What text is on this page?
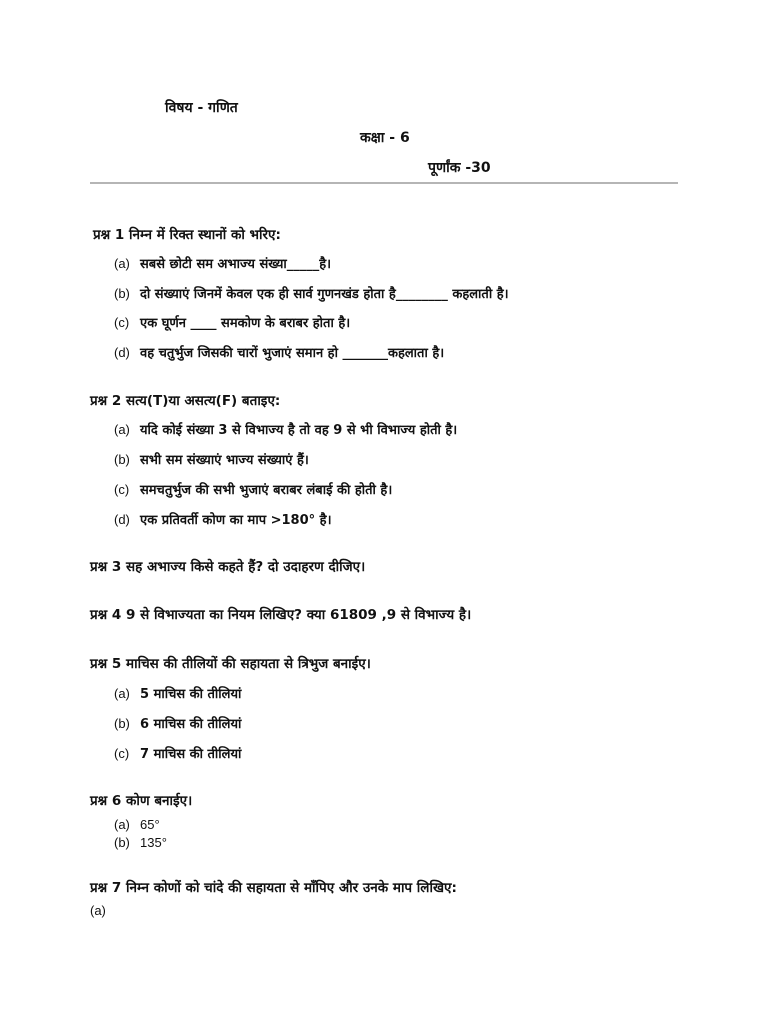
विषय - गणित
कक्षा - 6
पूर्णांक -30
प्रश्न 1 निम्न में रिक्त स्थानों को भरिए:
(a) सबसे छोटी सम अभाज्य संख्या_____है।
(b) दो संख्याएं जिनमें केवल एक ही सार्व गुणनखंड होता है________ कहलाती है।
(c) एक घूर्णन ____ समकोण के बराबर होता है।
(d) वह चतुर्भुज जिसकी चारों भुजाएं समान हो _______कहलाता है।
प्रश्न 2 सत्य(T)या असत्य(F) बताइए:
(a) यदि कोई संख्या 3 से विभाज्य है तो वह 9 से भी विभाज्य होती है।
(b) सभी सम संख्याएं भाज्य संख्याएं हैं।
(c) समचतुर्भुज की सभी भुजाएं बराबर लंबाई की होती है।
(d) एक प्रतिवर्ती कोण का माप >180° है।
प्रश्न 3 सह अभाज्य किसे कहते हैं? दो उदाहरण दीजिए।
प्रश्न 4 9 से विभाज्यता का नियम लिखिए? क्या 61809 ,9 से विभाज्य है।
प्रश्न 5 माचिस की तीलियों की सहायता से त्रिभुज बनाईए।
(a) 5 माचिस की तीलियां
(b) 6 माचिस की तीलियां
(c) 7 माचिस की तीलियां
प्रश्न 6 कोण बनाईए।
(a) 65°
(b) 135°
प्रश्न 7 निम्न कोणों को चांदे की सहायता से मॉंपिए और उनके माप लिखिए:
(a)
